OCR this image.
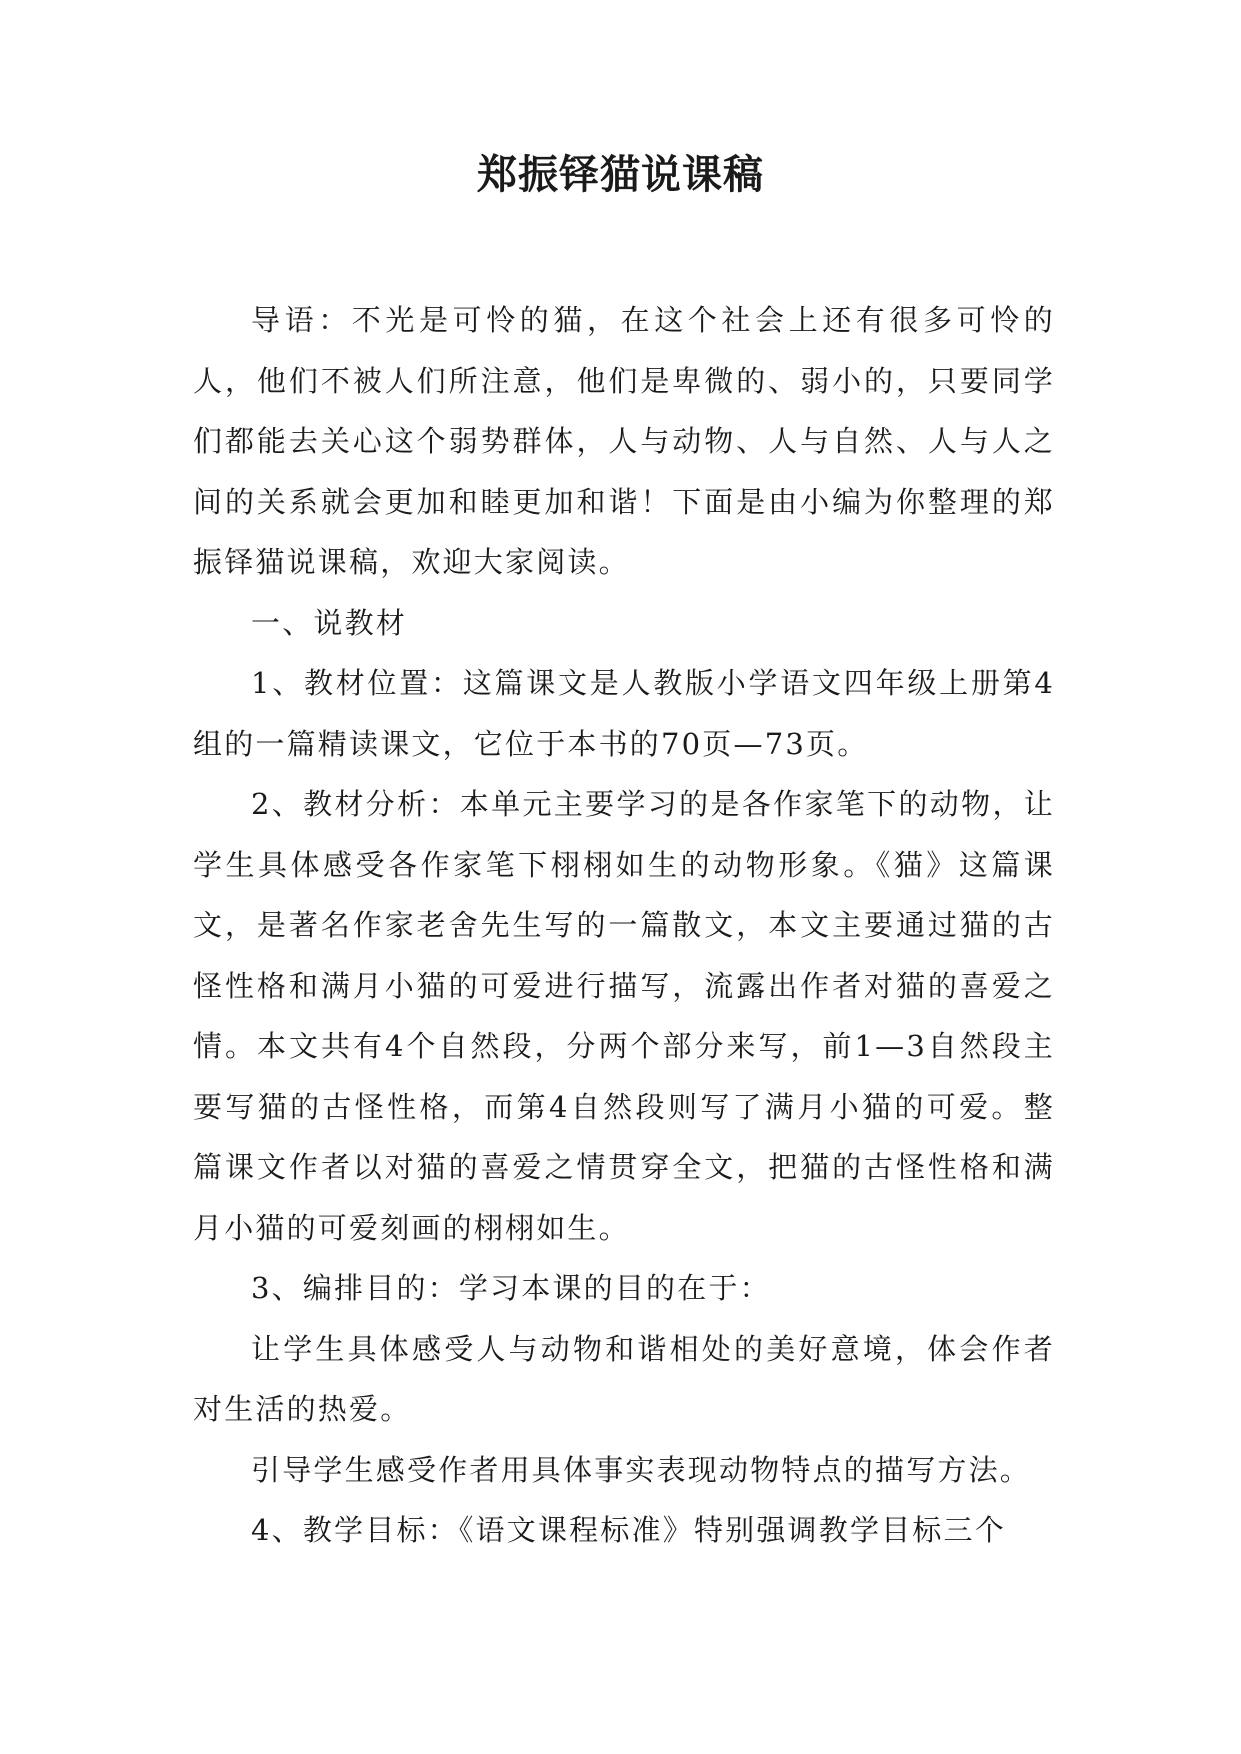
郑振铎猫说课稿

导语：不光是可怜的猫，在这个社会上还有很多可怜的人，他们不被人们所注意，他们是卑微的、弱小的，只要同学们都能去关心这个弱势群体，人与动物、人与自然、人与人之间的关系就会更加和睦更加和谐！下面是由小编为你整理的郑振铎猫说课稿，欢迎大家阅读。

一、说教材

1、教材位置：这篇课文是人教版小学语文四年级上册第4组的一篇精读课文，它位于本书的70页—73页。

2、教材分析：本单元主要学习的是各作家笔下的动物，让学生具体感受各作家笔下栩栩如生的动物形象。《猫》这篇课文，是著名作家老舍先生写的一篇散文，本文主要通过猫的古怪性格和满月小猫的可爱进行描写，流露出作者对猫的喜爱之情。本文共有4个自然段，分两个部分来写，前1—3自然段主要写猫的古怪性格，而第4自然段则写了满月小猫的可爱。整篇课文作者以对猫的喜爱之情贯穿全文，把猫的古怪性格和满月小猫的可爱刻画的栩栩如生。

3、编排目的：学习本课的目的在于：

让学生具体感受人与动物和谐相处的美好意境，体会作者对生活的热爱。

引导学生感受作者用具体事实表现动物特点的描写方法。

4、教学目标：《语文课程标准》特别强调教学目标三个
